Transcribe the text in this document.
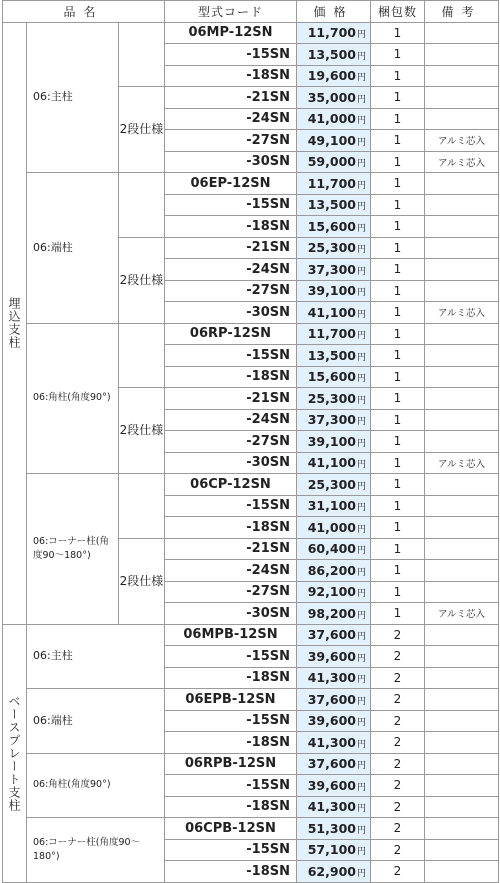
品名			型式コード	価格	梱包数	備考
埋込支柱	06:主柱		06MP-12SN	11,700円	1	
			-15SN	13,500円	1	
			-18SN	19,600円	1	
		2段仕様	-21SN	35,000円	1	
			-24SN	41,000円	1	
			-27SN	49,100円	1	アルミ芯入
			-30SN	59,000円	1	アルミ芯入
	06:端柱		06EP-12SN	11,700円	1	
			-15SN	13,500円	1	
			-18SN	15,600円	1	
		2段仕様	-21SN	25,300円	1	
			-24SN	37,300円	1	
			-27SN	39,100円	1	
			-30SN	41,100円	1	アルミ芯入
	06:角柱(角度90°)		06RP-12SN	11,700円	1	
			-15SN	13,500円	1	
			-18SN	15,600円	1	
		2段仕様	-21SN	25,300円	1	
			-24SN	37,300円	1	
			-27SN	39,100円	1	
			-30SN	41,100円	1	アルミ芯入
	06:コーナー柱(角度90〜180°)		06CP-12SN	25,300円	1	
			-15SN	31,100円	1	
			-18SN	41,000円	1	
		2段仕様	-21SN	60,400円	1	
			-24SN	86,200円	1	
			-27SN	92,100円	1	
			-30SN	98,200円	1	アルミ芯入
ベースプレート支柱	06:主柱		06MPB-12SN	37,600円	2	
			-15SN	39,600円	2	
			-18SN	41,300円	2	
	06:端柱		06EPB-12SN	37,600円	2	
			-15SN	39,600円	2	
			-18SN	41,300円	2	
	06:角柱(角度90°)		06RPB-12SN	37,600円	2	
			-15SN	39,600円	2	
			-18SN	41,300円	2	
	06:コーナー柱(角度90〜180°)		06CPB-12SN	51,300円	2	
			-15SN	57,100円	2	
			-18SN	62,900円	2	
